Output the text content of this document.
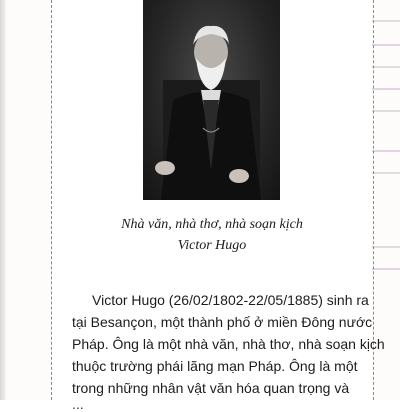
Nhà văn, nhà thơ, nhà soạn kịch
Victor Hugo
Victor Hugo (26/02/1802-22/05/1885) sinh ra
tại Besançon, một thành phố ở miền Đông nước
Pháp. Ông là một nhà văn, nhà thơ, nhà soạn kịch
thuộc trường phái lãng mạn Pháp. Ông là một
trong những nhân vật văn hóa quan trọng và
...
